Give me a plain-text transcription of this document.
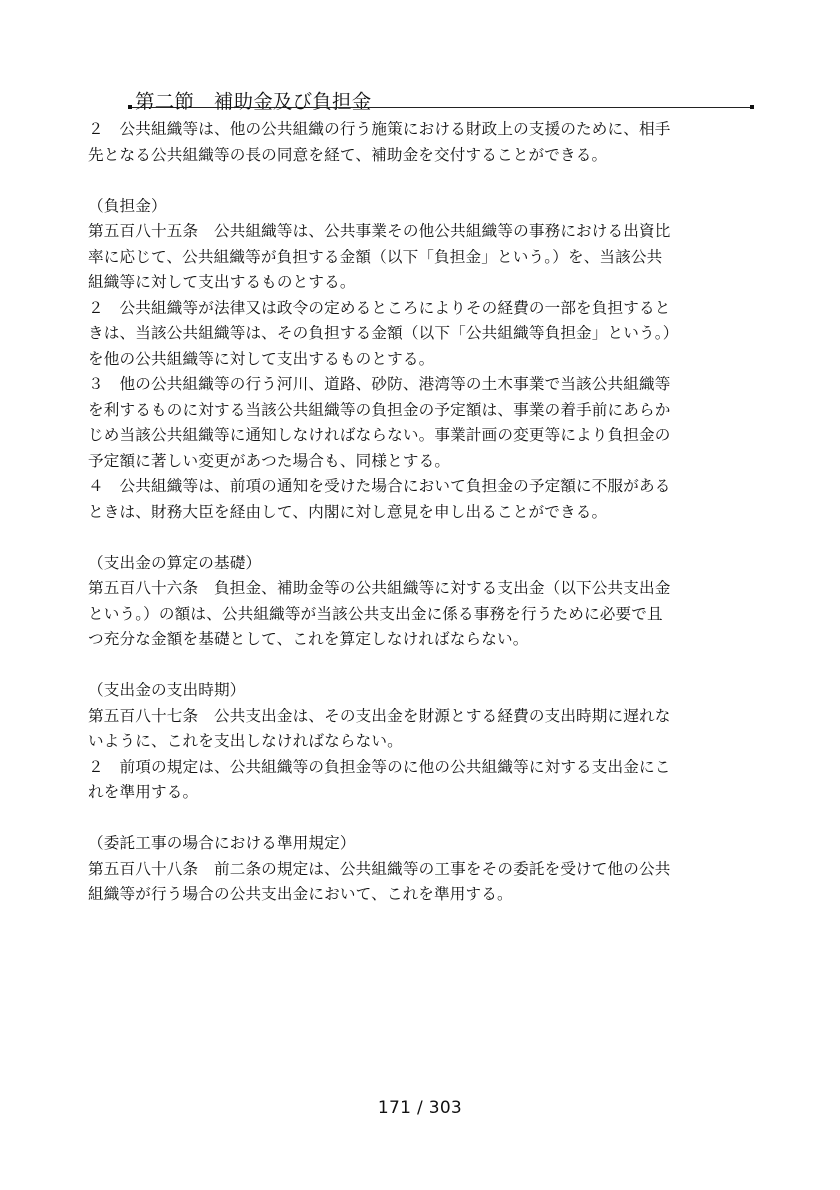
第二節　補助金及び負担金

２　公共組織等は、他の公共組織の行う施策における財政上の支援のために、相手

先となる公共組織等の長の同意を経て、補助金を交付することができる。

（負担金）

第五百八十五条　公共組織等は、公共事業その他公共組織等の事務における出資比

率に応じて、公共組織等が負担する金額（以下「負担金」という。）を、当該公共

組織等に対して支出するものとする。

２　公共組織等が法律又は政令の定めるところによりその経費の一部を負担すると

きは、当該公共組織等は、その負担する金額（以下「公共組織等負担金」という。）

を他の公共組織等に対して支出するものとする。

３　他の公共組織等の行う河川、道路、砂防、港湾等の土木事業で当該公共組織等

を利するものに対する当該公共組織等の負担金の予定額は、事業の着手前にあらか

じめ当該公共組織等に通知しなければならない。事業計画の変更等により負担金の

予定額に著しい変更があつた場合も、同様とする。

４　公共組織等は、前項の通知を受けた場合において負担金の予定額に不服がある

ときは、財務大臣を経由して、内閣に対し意見を申し出ることができる。

（支出金の算定の基礎）

第五百八十六条　負担金、補助金等の公共組織等に対する支出金（以下公共支出金

という。）の額は、公共組織等が当該公共支出金に係る事務を行うために必要で且

つ充分な金額を基礎として、これを算定しなければならない。

（支出金の支出時期）

第五百八十七条　公共支出金は、その支出金を財源とする経費の支出時期に遅れな

いように、これを支出しなければならない。

２　前項の規定は、公共組織等の負担金等のに他の公共組織等に対する支出金にこ

れを準用する。

（委託工事の場合における準用規定）

第五百八十八条　前二条の規定は、公共組織等の工事をその委託を受けて他の公共

組織等が行う場合の公共支出金において、これを準用する。

171 / 303
